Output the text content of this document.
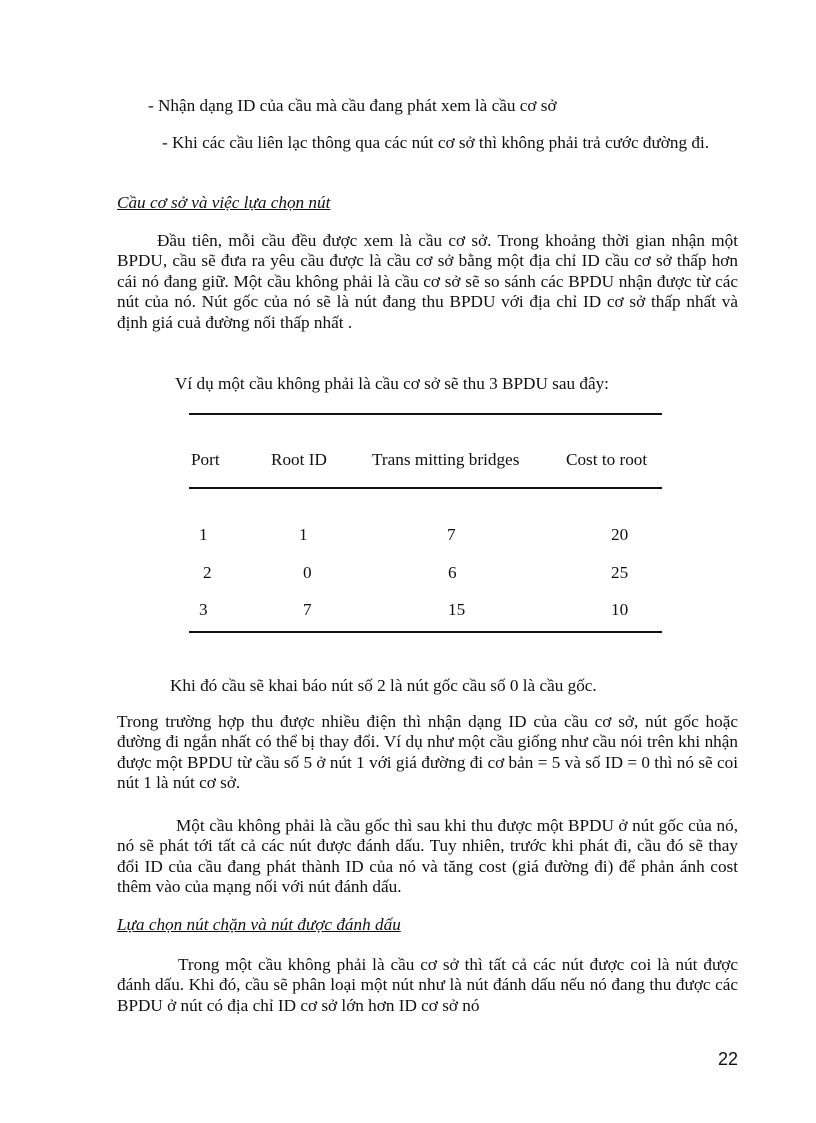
- Nhận dạng ID của cầu mà cầu đang phát xem là cầu cơ sở

- Khi các cầu liên lạc thông qua các nút cơ sở thì không phải trả cước đường đi.

Cầu cơ sở và việc lựa chọn nút

Đầu tiên, mỗi cầu đều được xem là cầu cơ sở. Trong khoảng thời gian nhận một BPDU, cầu sẽ đưa ra yêu cầu được là cầu cơ sở bằng một địa chỉ ID cầu cơ sở thấp hơn cái nó đang giữ. Một cầu không phải là cầu cơ sở sẽ so sánh các BPDU nhận được từ các nút của nó. Nút gốc của nó sẽ là nút đang thu BPDU với địa chỉ ID cơ sở thấp nhất và định giá cuả đường nối thấp nhất .

Ví dụ một cầu không phải là cầu cơ sở sẽ thu 3 BPDU sau đây:

Port	Root ID	Trans mitting bridges	Cost to root
1	1	7	20
2	0	6	25
3	7	15	10

Khi đó cầu sẽ khai báo nút số 2 là nút gốc cầu số 0 là cầu gốc.

Trong trường hợp thu được nhiều điện thì nhận dạng ID của cầu cơ sở, nút gốc hoặc đường đi ngắn nhất có thể bị thay đổi. Ví dụ như một cầu giống như cầu nói trên khi nhận được một BPDU từ cầu số 5 ở nút 1 với giá đường đi cơ bản = 5 và số ID = 0 thì nó sẽ coi nút 1 là nút cơ sở.

Một cầu không phải là cầu gốc thì sau khi thu được một BPDU ở nút gốc của nó, nó sẽ phát tới tất cả các nút được đánh dấu. Tuy nhiên, trước khi phát đi, cầu đó sẽ thay đổi ID của cầu đang phát thành ID của nó và tăng cost (giá đường đi) để phản ánh cost thêm vào của mạng nối với nút đánh dấu.

Lựa chọn nút chặn và nút được đánh dấu

Trong một cầu không phải là cầu cơ sở thì tất cả các nút được coi là nút được đánh dấu. Khi đó, cầu sẽ phân loại một nút như là nút đánh dấu nếu nó đang thu được các BPDU ở nút có địa chỉ ID cơ sở lớn hơn ID cơ sở nó

22
